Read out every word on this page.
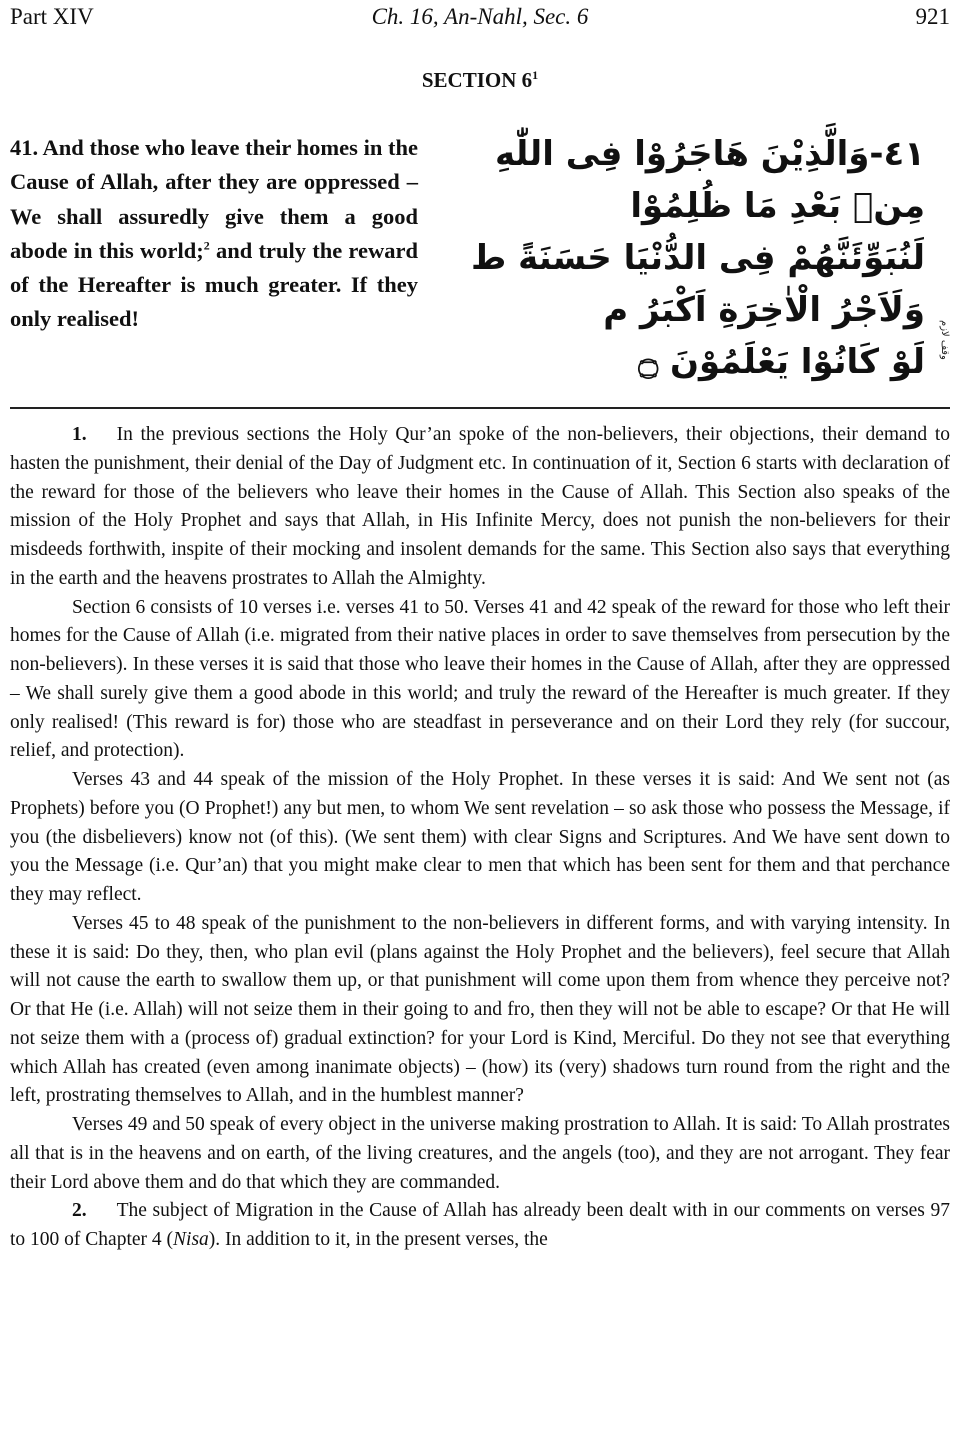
Part XIV	Ch. 16, An-Nahl, Sec. 6	921
SECTION $6^1$
41. And those who leave their homes in the Cause of Allah, after they are oppressed – We shall assuredly give them a good abode in this world;$^2$ and truly the reward of the Hereafter is much greater. If they only realised!
٤١-وَالَّذِيْنَ هَاجَرُوْا فِى اللّٰهِ
مِنۢ بَعْدِ مَا ظُلِمُوْا
لَنُبَوِّئَنَّهُمْ فِى الدُّنْيَا حَسَنَةً ط
وَلَاَجْرُ الْاٰخِرَةِ اَكْبَرُ م
لَوْ كَانُوْا يَعْلَمُوْنَ ۝
وقف لازم

1. In the previous sections the Holy Qur’an spoke of the non-believers, their objections, their demand to hasten the punishment, their denial of the Day of Judgment etc. In continuation of it, Section 6 starts with declaration of the reward for those of the believers who leave their homes in the Cause of Allah. This Section also speaks of the mission of the Holy Prophet and says that Allah, in His Infinite Mercy, does not punish the non-believers for their misdeeds forthwith, inspite of their mocking and insolent demands for the same. This Section also says that everything in the earth and the heavens prostrates to Allah the Almighty.

Section 6 consists of 10 verses i.e. verses 41 to 50. Verses 41 and 42 speak of the reward for those who left their homes for the Cause of Allah (i.e. migrated from their native places in order to save themselves from persecution by the non-believers). In these verses it is said that those who leave their homes in the Cause of Allah, after they are oppressed – We shall surely give them a good abode in this world; and truly the reward of the Hereafter is much greater. If they only realised! (This reward is for) those who are steadfast in perseverance and on their Lord they rely (for succour, relief, and protection).

Verses 43 and 44 speak of the mission of the Holy Prophet. In these verses it is said: And We sent not (as Prophets) before you (O Prophet!) any but men, to whom We sent revelation – so ask those who possess the Message, if you (the disbelievers) know not (of this). (We sent them) with clear Signs and Scriptures. And We have sent down to you the Message (i.e. Qur’an) that you might make clear to men that which has been sent for them and that perchance they may reflect.

Verses 45 to 48 speak of the punishment to the non-believers in different forms, and with varying intensity. In these it is said: Do they, then, who plan evil (plans against the Holy Prophet and the believers), feel secure that Allah will not cause the earth to swallow them up, or that punishment will come upon them from whence they perceive not? Or that He (i.e. Allah) will not seize them in their going to and fro, then they will not be able to escape? Or that He will not seize them with a (process of) gradual extinction? for your Lord is Kind, Merciful. Do they not see that everything which Allah has created (even among inanimate objects) – (how) its (very) shadows turn round from the right and the left, prostrating themselves to Allah, and in the humblest manner?

Verses 49 and 50 speak of every object in the universe making prostration to Allah. It is said: To Allah prostrates all that is in the heavens and on earth, of the living creatures, and the angels (too), and they are not arrogant. They fear their Lord above them and do that which they are commanded.

2. The subject of Migration in the Cause of Allah has already been dealt with in our comments on verses 97 to 100 of Chapter 4 (Nisa). In addition to it, in the present verses, the
